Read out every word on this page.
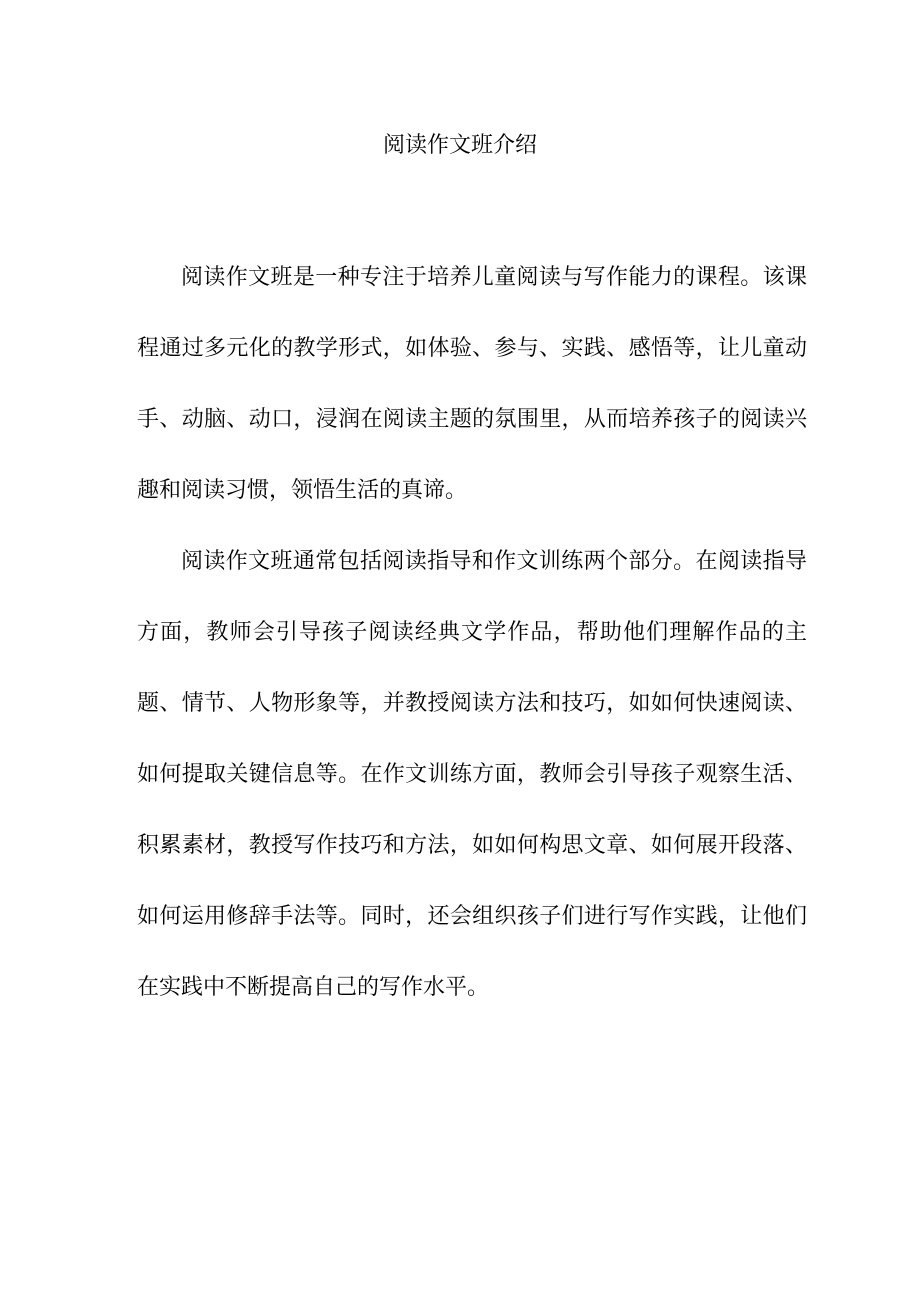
阅读作文班介绍

阅读作文班是一种专注于培养儿童阅读与写作能力的课程。该课程通过多元化的教学形式，如体验、参与、实践、感悟等，让儿童动手、动脑、动口，浸润在阅读主题的氛围里，从而培养孩子的阅读兴趣和阅读习惯，领悟生活的真谛。

阅读作文班通常包括阅读指导和作文训练两个部分。在阅读指导方面，教师会引导孩子阅读经典文学作品，帮助他们理解作品的主题、情节、人物形象等，并教授阅读方法和技巧，如如何快速阅读、如何提取关键信息等。在作文训练方面，教师会引导孩子观察生活、积累素材，教授写作技巧和方法，如如何构思文章、如何展开段落、如何运用修辞手法等。同时，还会组织孩子们进行写作实践，让他们在实践中不断提高自己的写作水平。
